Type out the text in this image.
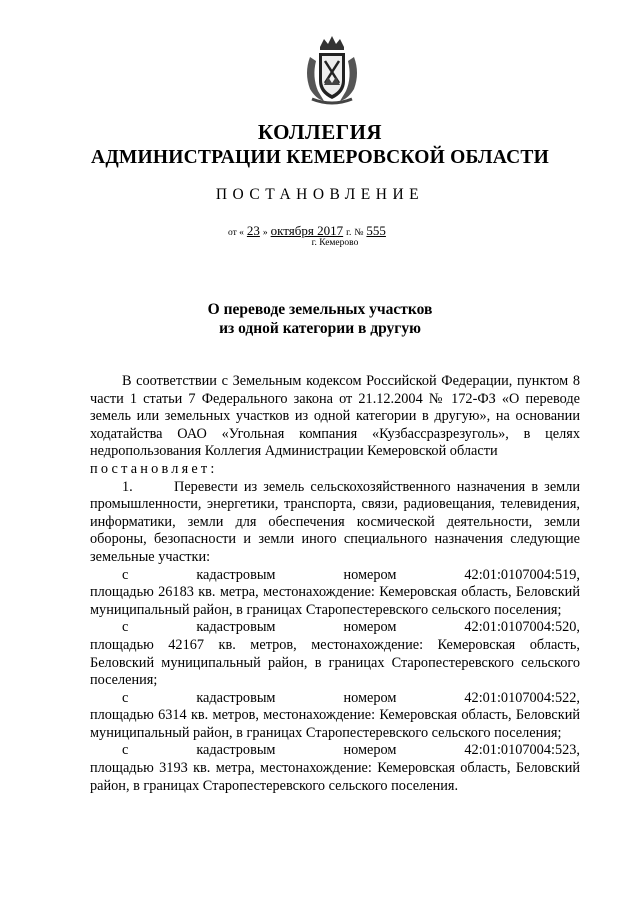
КОЛЛЕГИЯ
АДМИНИСТРАЦИИ КЕМЕРОВСКОЙ ОБЛАСТИ
ПОСТАНОВЛЕНИЕ
от « 23 » октября 2017 г. № 555
г. Кемерово
О переводе земельных участков
из одной категории в другую

В соответствии с Земельным кодексом Российской Федерации, пунктом 8 части 1 статьи 7 Федерального закона от 21.12.2004 № 172-ФЗ «О переводе земель или земельных участков из одной категории в другую», на основании ходатайства ОАО «Угольная компания «Кузбассразрезуголь», в целях недропользования Коллегия Администрации Кемеровской области

постановляет:

1.	Перевести из земель сельскохозяйственного назначения в земли промышленности, энергетики, транспорта, связи, радиовещания, телевидения, информатики, земли для обеспечения космической деятельности, земли обороны, безопасности и земли иного специального назначения следующие земельные участки:

с	кадастровым	номером	42:01:0107004:519,

площадью 26183 кв. метра, местонахождение: Кемеровская область, Беловский муниципальный район, в границах Старопестеревского сельского поселения;

с	кадастровым	номером	42:01:0107004:520,

площадью 42167 кв. метров, местонахождение: Кемеровская область, Беловский муниципальный район, в границах Старопестеревского сельского поселения;

с	кадастровым	номером	42:01:0107004:522,

площадью 6314 кв. метров, местонахождение: Кемеровская область, Беловский муниципальный район, в границах Старопестеревского сельского поселения;

с	кадастровым	номером	42:01:0107004:523,

площадью 3193 кв. метра, местонахождение: Кемеровская область, Беловский район, в границах Старопестеревского сельского поселения.
